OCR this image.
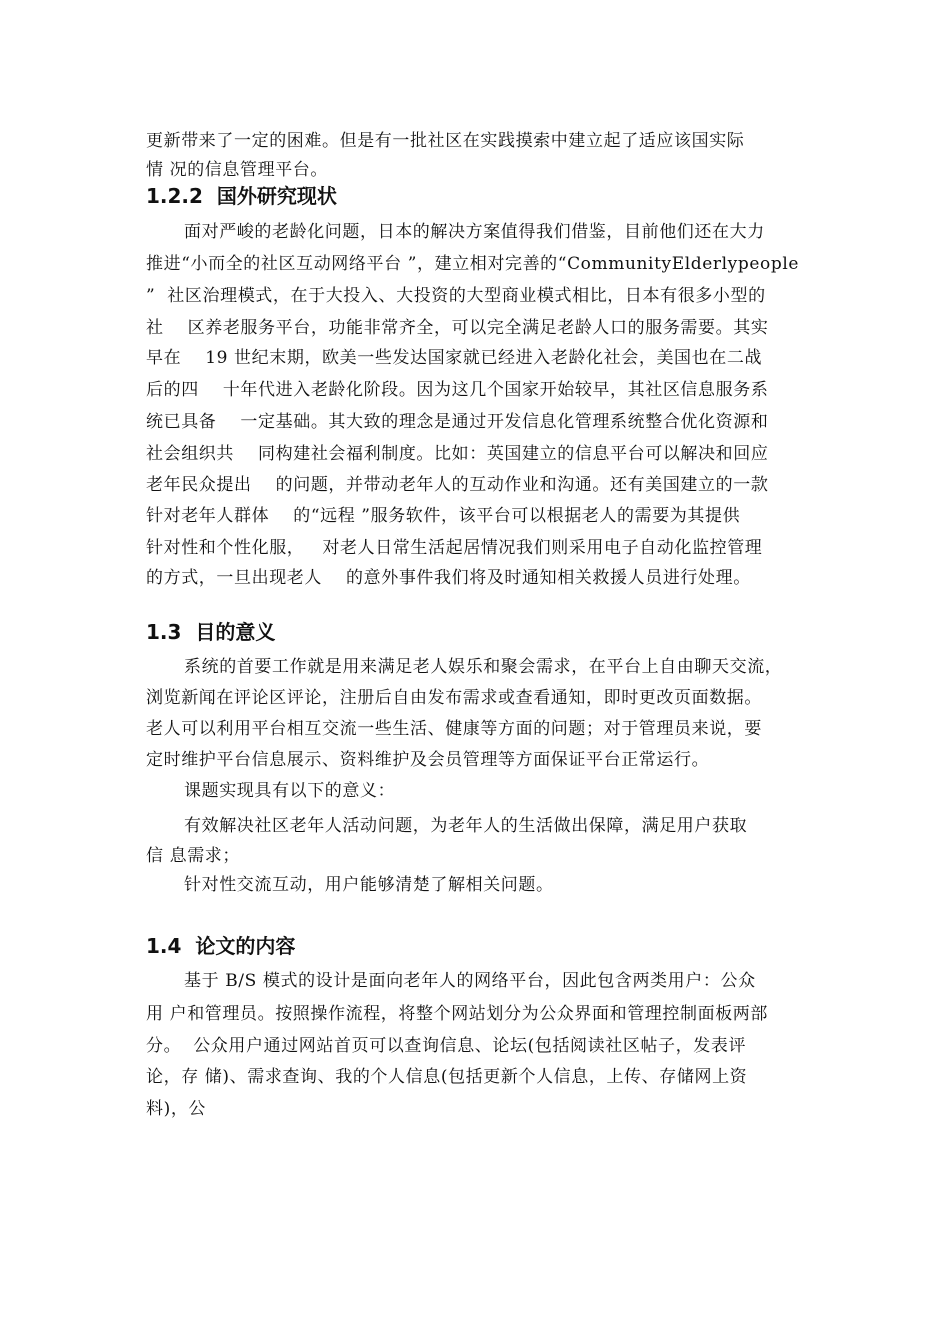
更新带来了一定的困难。但是有一批社区在实践摸索中建立起了适应该国实际
情 况的信息管理平台。
1.2.2  国外研究现状
面对严峻的老龄化问题，日本的解决方案值得我们借鉴，目前他们还在大力
推进“小而全的社区互动网络平台 ”，建立相对完善的“CommunityElderlypeople
”  社区治理模式，在于大投入、大投资的大型商业模式相比，日本有很多小型的
社    区养老服务平台，功能非常齐全，可以完全满足老龄人口的服务需要。其实
早在    19 世纪末期，欧美一些发达国家就已经进入老龄化社会，美国也在二战
后的四    十年代进入老龄化阶段。因为这几个国家开始较早，其社区信息服务系
统已具备    一定基础。其大致的理念是通过开发信息化管理系统整合优化资源和
社会组织共    同构建社会福利制度。比如：英国建立的信息平台可以解决和回应
老年民众提出    的问题，并带动老年人的互动作业和沟通。还有美国建立的一款
针对老年人群体    的“远程 ”服务软件，该平台可以根据老人的需要为其提供
针对性和个性化服，   对老人日常生活起居情况我们则采用电子自动化监控管理
的方式，一旦出现老人    的意外事件我们将及时通知相关救援人员进行处理。
1.3  目的意义
系统的首要工作就是用来满足老人娱乐和聚会需求，在平台上自由聊天交流，
浏览新闻在评论区评论，注册后自由发布需求或查看通知，即时更改页面数据。
老人可以利用平台相互交流一些生活、健康等方面的问题；对于管理员来说，要
定时维护平台信息展示、资料维护及会员管理等方面保证平台正常运行。
课题实现具有以下的意义：
有效解决社区老年人活动问题，为老年人的生活做出保障，满足用户获取
信 息需求；
针对性交流互动，用户能够清楚了解相关问题。
1.4  论文的内容
基于 B/S 模式的设计是面向老年人的网络平台，因此包含两类用户：公众
用 户和管理员。按照操作流程，将整个网站划分为公众界面和管理控制面板两部
分。  公众用户通过网站首页可以查询信息、论坛(包括阅读社区帖子，发表评
论，存 储)、需求查询、我的个人信息(包括更新个人信息，上传、存储网上资
料)，公
